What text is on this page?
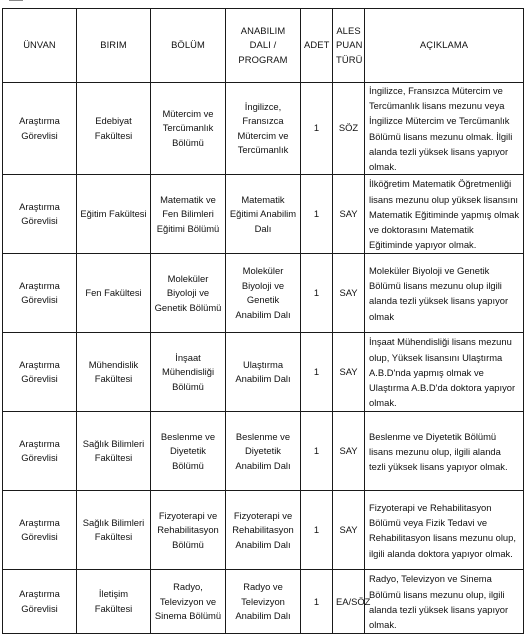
ÜNVAN	BIRIM	BÖLÜM	ANABILIM DALI / PROGRAM	ADET	ALES PUAN TÜRÜ	AÇIKLAMA
Araştırma Görevlisi	Edebiyat Fakültesi	Mütercim ve Tercümanlık Bölümü	İngilizce, Fransızca Mütercim ve Tercümanlık	1	SÖZ	İngilizce, Fransızca Mütercim ve Tercümanlık lisans mezunu veya İngilizce Mütercim ve Tercümanlık Bölümü lisans mezunu olmak. İlgili alanda tezli yüksek lisans yapıyor olmak.
Araştırma Görevlisi	Eğitim Fakültesi	Matematik ve Fen Bilimleri Eğitimi Bölümü	Matematik Eğitimi Anabilim Dalı	1	SAY	İlköğretim Matematik Öğretmenliği lisans mezunu olup yüksek lisansını Matematik Eğitiminde yapmış olmak ve doktorasını Matematik Eğitiminde yapıyor olmak.
Araştırma Görevlisi	Fen Fakültesi	Moleküler Biyoloji ve Genetik Bölümü	Moleküler Biyoloji ve Genetik Anabilim Dalı	1	SAY	Moleküler Biyoloji ve Genetik Bölümü lisans mezunu olup ilgili alanda tezli yüksek lisans yapıyor olmak
Araştırma Görevlisi	Mühendislik Fakültesi	İnşaat Mühendisliği Bölümü	Ulaştırma Anabilim Dalı	1	SAY	İnşaat Mühendisliği lisans mezunu olup, Yüksek lisansını Ulaştırma A.B.D'nda yapmış olmak ve Ulaştırma A.B.D'da doktora yapıyor olmak.
Araştırma Görevlisi	Sağlık Bilimleri Fakültesi	Beslenme ve Diyetetik Bölümü	Beslenme ve Diyetetik Anabilim Dalı	1	SAY	Beslenme ve Diyetetik Bölümü lisans mezunu olup, ilgili alanda tezli yüksek lisans yapıyor olmak.
Araştırma Görevlisi	Sağlık Bilimleri Fakültesi	Fizyoterapi ve Rehabilitasyon Bölümü	Fizyoterapi ve Rehabilitasyon Anabilim Dalı	1	SAY	Fizyoterapi ve Rehabilitasyon Bölümü veya Fizik Tedavi ve Rehabilitasyon lisans mezunu olup, ilgili alanda doktora yapıyor olmak.
Araştırma Görevlisi	İletişim Fakültesi	Radyo, Televizyon ve Sinema Bölümü	Radyo ve Televizyon Anabilim Dalı	1	EA/SÖZ	Radyo, Televizyon ve Sinema Bölümü lisans mezunu olup, ilgili alanda tezli yüksek lisans yapıyor olmak.
